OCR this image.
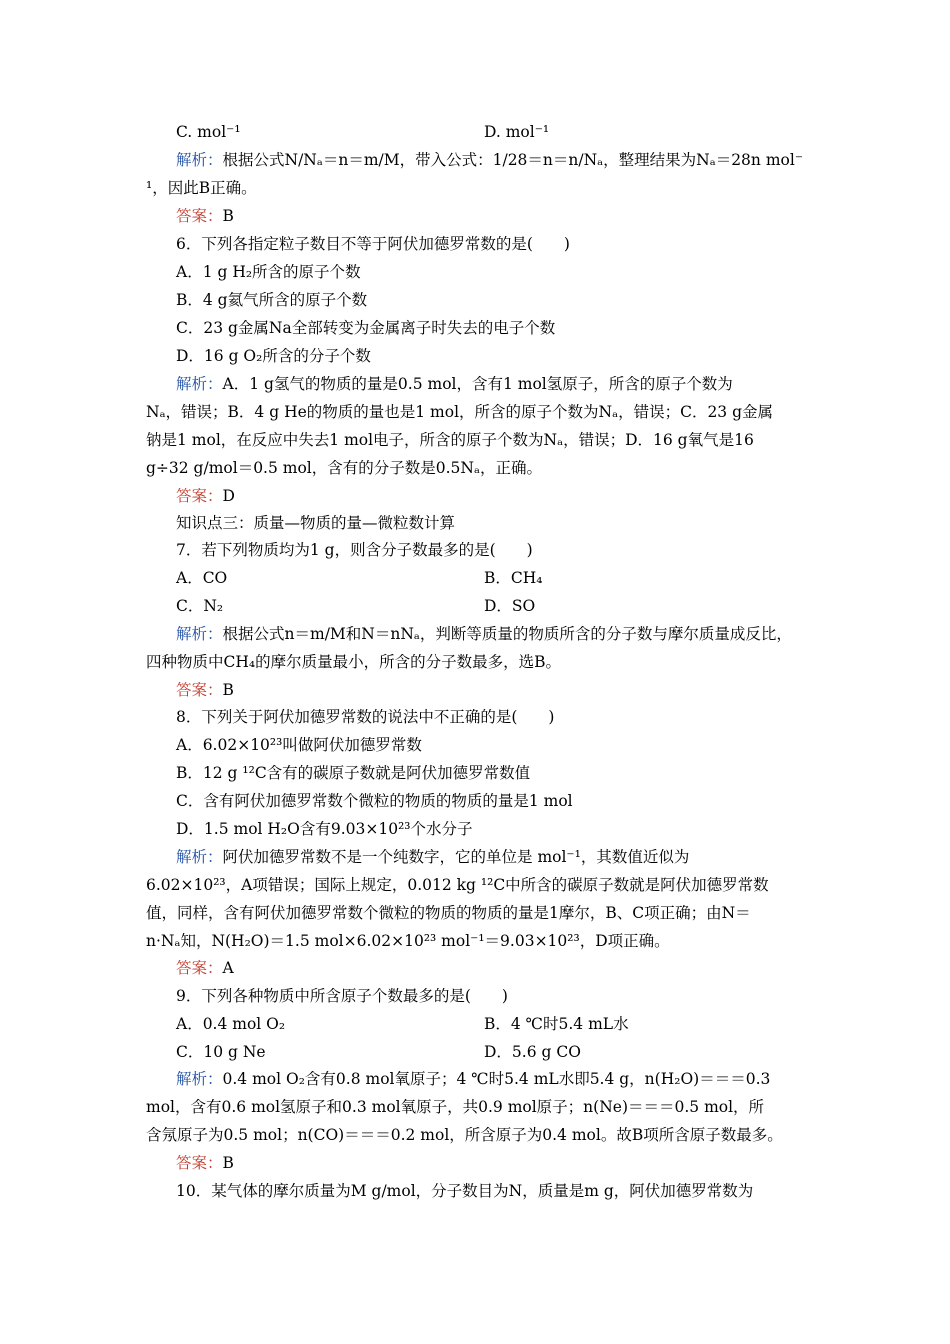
C. mol⁻¹	D. mol⁻¹
解析：根据公式N/Nₐ＝n＝m/M，带入公式：1/28＝n＝n/Nₐ，整理结果为Nₐ＝28n mol⁻
¹，因此B正确。
答案：B
6．下列各指定粒子数目不等于阿伏加德罗常数的是(　　)
A．1 g H₂所含的原子个数
B．4 g氦气所含的原子个数
C．23 g金属Na全部转变为金属离子时失去的电子个数
D．16 g O₂所含的分子个数
解析：A．1 g氢气的物质的量是0.5 mol，含有1 mol氢原子，所含的原子个数为
Nₐ，错误；B．4 g He的物质的量也是1 mol，所含的原子个数为Nₐ，错误；C．23 g金属
钠是1 mol，在反应中失去1 mol电子，所含的原子个数为Nₐ，错误；D．16 g氧气是16
g÷32 g/mol＝0.5 mol，含有的分子数是0.5Nₐ，正确。
答案：D
知识点三：质量—物质的量—微粒数计算
7．若下列物质均为1 g，则含分子数最多的是(　　)
A．CO	B．CH₄
C．N₂	D．SO
解析：根据公式n＝m/M和N＝nNₐ，判断等质量的物质所含的分子数与摩尔质量成反比，
四种物质中CH₄的摩尔质量最小，所含的分子数最多，选B。
答案：B
8．下列关于阿伏加德罗常数的说法中不正确的是(　　)
A．6.02×10²³叫做阿伏加德罗常数
B．12 g ¹²C含有的碳原子数就是阿伏加德罗常数值
C．含有阿伏加德罗常数个微粒的物质的物质的量是1 mol
D．1.5 mol H₂O含有9.03×10²³个水分子
解析：阿伏加德罗常数不是一个纯数字，它的单位是 mol⁻¹，其数值近似为
6.02×10²³，A项错误；国际上规定，0.012 kg ¹²C中所含的碳原子数就是阿伏加德罗常数
值，同样，含有阿伏加德罗常数个微粒的物质的物质的量是1摩尔，B、C项正确；由N＝
n·Nₐ知，N(H₂O)＝1.5 mol×6.02×10²³ mol⁻¹＝9.03×10²³，D项正确。
答案：A
9．下列各种物质中所含原子个数最多的是(　　)
A．0.4 mol O₂	B．4 ℃时5.4 mL水
C．10 g Ne	D．5.6 g CO
解析：0.4 mol O₂含有0.8 mol氧原子；4 ℃时5.4 mL水即5.4 g，n(H₂O)＝＝＝0.3
mol，含有0.6 mol氢原子和0.3 mol氧原子，共0.9 mol原子；n(Ne)＝＝＝0.5 mol，所
含氖原子为0.5 mol；n(CO)＝＝＝0.2 mol，所含原子为0.4 mol。故B项所含原子数最多。
答案：B
10．某气体的摩尔质量为M g/mol，分子数目为N，质量是m g，阿伏加德罗常数为
